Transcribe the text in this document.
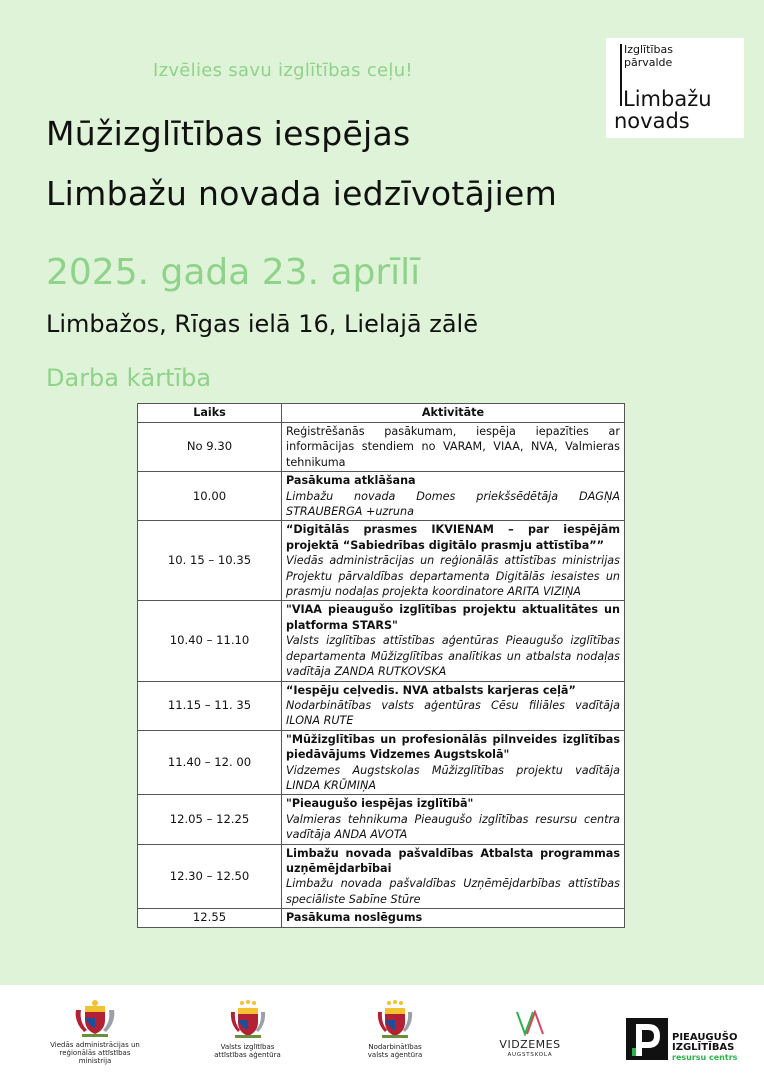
Izvēlies savu izglītības ceļu!
Mūžizglītības iespējas
Limbažu novada iedzīvotājiem
2025. gada 23. aprīlī
Limbažos, Rīgas ielā 16, Lielajā zālē
Darba kārtība
Izglītības
pārvalde
Limbažu
novads
Laiks	Aktivitāte
No 9.30	Reģistrēšanās pasākumam, iespēja iepazīties ar informācijas stendiem no VARAM, VIAA, NVA, Valmieras tehnikuma

10.00	Pasākuma atklāšana
Limbažu novada Domes priekšsēdētāja DAGŅA STRAUBERGA +uzruna

10. 15 – 10.35	“Digitālās prasmes IKVIENAM – par iespējām projektā “Sabiedrības digitālo prasmju attīstība””
Viedās administrācijas un reģionālās attīstības ministrijas Projektu pārvaldības departamenta Digitālās iesaistes un prasmju nodaļas projekta koordinatore ARITA VIZIŅA

10.40 – 11.10	"VIAA pieaugušo izglītības projektu aktualitātes un platforma STARS"
Valsts izglītības attīstības aģentūras Pieaugušo izglītības departamenta Mūžizglītības analītikas un atbalsta nodaļas vadītāja ZANDA RUTKOVSKA

11.15 – 11. 35	“Iespēju ceļvedis. NVA atbalsts karjeras ceļā”
Nodarbinātības valsts aģentūras Cēsu filiāles vadītāja ILONA RUTE

11.40 – 12. 00	"Mūžizglītības un profesionālās pilnveides izglītības piedāvājums Vidzemes Augstskolā"
Vidzemes Augstskolas Mūžizglītības projektu vadītāja LINDA KRŪMIŅA

12.05 – 12.25	"Pieaugušo iespējas izglītībā"
Valmieras tehnikuma Pieaugušo izglītības resursu centra vadītāja ANDA AVOTA

12.30 – 12.50	Limbažu novada pašvaldības Atbalsta programmas uzņēmējdarbībai
Limbažu novada pašvaldības Uzņēmējdarbības attīstības speciāliste Sabīne Stūre

12.55	Pasākuma noslēgums
Viedās administrācijas un
reģionālās attīstības
ministrija
Valsts izglītības
attīstības aģentūra
Nodarbinātības
valsts aģentūra
VIDZEMES
AUGSTSKOLA
PIEAUGUŠO
IZGLĪTĪBAS
resursu centrs
